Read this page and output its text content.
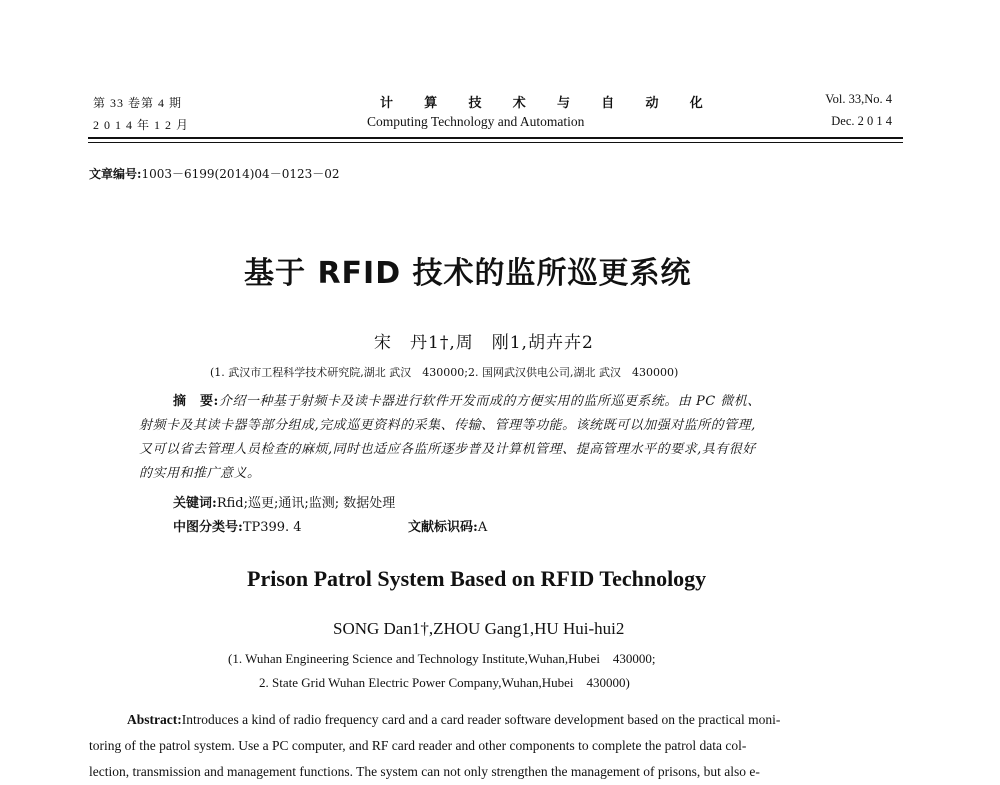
第 33 卷第 4 期
2 0 1 4 年 1 2 月
计 算 技 术 与 自 动 化
Computing Technology and Automation
Vol. 33,No. 4
Dec. 2 0 1 4
文章编号:1003－6199(2014)04－0123－02
基于 RFID 技术的监所巡更系统
宋　丹1†,周　刚1,胡卉卉2
(1. 武汉市工程科学技术研究院,湖北 武汉　430000;2. 国网武汉供电公司,湖北 武汉　430000)
摘　要:介绍一种基于射频卡及读卡器进行软件开发而成的方便实用的监所巡更系统。由 PC 微机、
射频卡及其读卡器等部分组成,完成巡更资料的采集、传输、管理等功能。该统既可以加强对监所的管理,
又可以省去管理人员检查的麻烦,同时也适应各监所逐步普及计算机管理、提高管理水平的要求,具有很好
的实用和推广意义。
关键词:Rfid;巡更;通讯;监测; 数据处理
中图分类号:TP399. 4	文献标识码:A
Prison Patrol System Based on RFID Technology
SONG Dan1†,ZHOU Gang1,HU Hui-hui2
(1. Wuhan Engineering Science and Technology Institute,Wuhan,Hubei　430000;
2. State Grid Wuhan Electric Power Company,Wuhan,Hubei　430000)
Abstract:Introduces a kind of radio frequency card and a card reader software development based on the practical moni-
toring of the patrol system. Use a PC computer, and RF card reader and other components to complete the patrol data col-
lection, transmission and management functions. The system can not only strengthen the management of prisons, but also e-
